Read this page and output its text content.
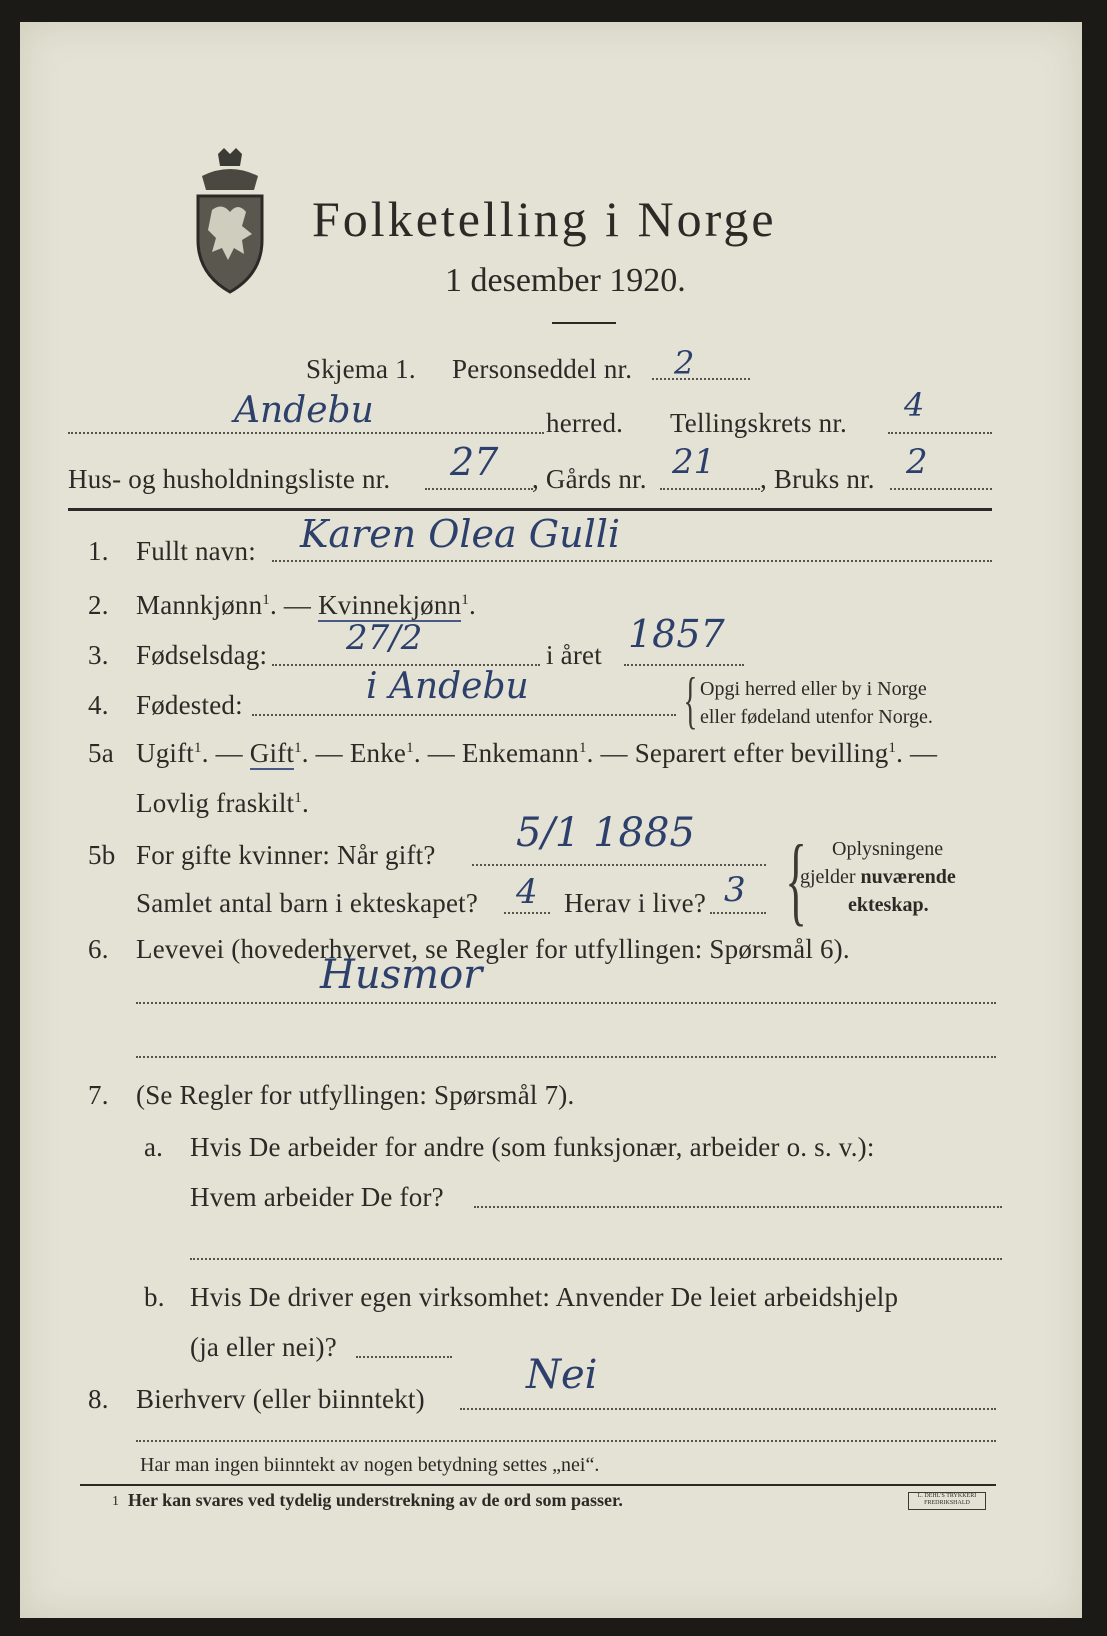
Folketelling i Norge
1 desember 1920.
Skjema 1. Personseddel nr. 2
Andebu	herred. Tellingskrets nr. 4
Hus- og husholdningsliste nr. 27 , Gårds nr. 21 , Bruks nr. 2
1. Fullt navn: Karen Olea Gulli
2. Mannkjønn$^1$. — Kvinnekjønn$^1$.
3. Fødselsdag: 27/2	i året 1857
4. Fødested:	i Andebu { Opgi herred eller by i Norge
eller fødeland utenfor Norge.
5a Ugift$^1$. — Gift$^1$. — Enke$^1$. — Enkemann$^1$. — Separert efter bevilling$^1$. —
Lovlig fraskilt$^1$.
5b For gifte kvinner: Når gift? 5/1 1885
Samlet antal barn i ekteskapet? 4 Herav i live? 3 { Oplysningene
gjelder nuværende
ekteskap.
6. Levevei (hovederhvervet, se Regler for utfyllingen: Spørsmål 6).
Husmor
7. (Se Regler for utfyllingen: Spørsmål 7).
a. Hvis De arbeider for andre (som funksjonær, arbeider o. s. v.):
Hvem arbeider De for?
b. Hvis De driver egen virksomhet: Anvender De leiet arbeidshjelp
(ja eller nei)?
8. Bierhverv (eller biinntekt)
Nei
Har man ingen biinntekt av nogen betydning settes „nei“.
1 Her kan svares ved tydelig understrekning av de ord som passer.	L. DEHL'S TRYKKERI FREDRIKSHALD
